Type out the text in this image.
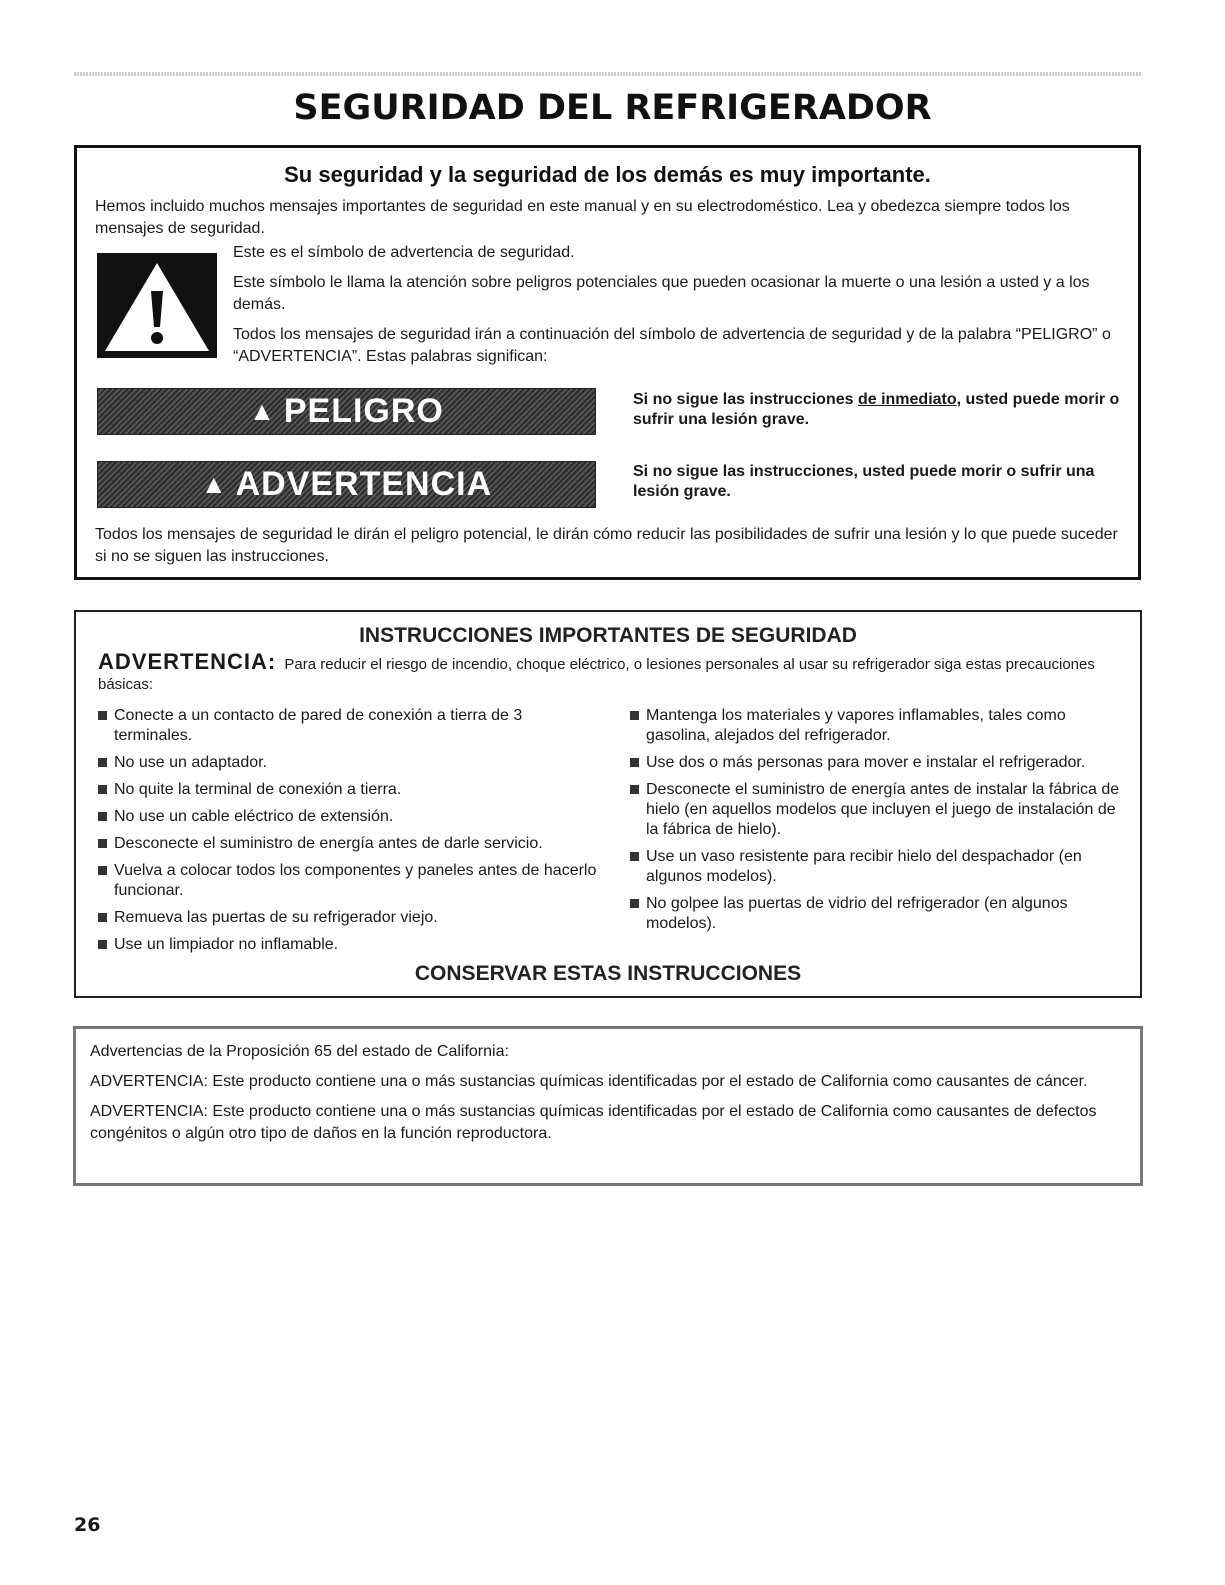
SEGURIDAD DEL REFRIGERADOR
Su seguridad y la seguridad de los demás es muy importante.
Hemos incluido muchos mensajes importantes de seguridad en este manual y en su electrodoméstico. Lea y obedezca siempre todos los mensajes de seguridad.

Este es el símbolo de advertencia de seguridad.

Este símbolo le llama la atención sobre peligros potenciales que pueden ocasionar la muerte o una lesión a usted y a los demás.

Todos los mensajes de seguridad irán a continuación del símbolo de advertencia de seguridad y de la palabra “PELIGRO” o “ADVERTENCIA”. Estas palabras significan:

▲ PELIGRO	Si no sigue las instrucciones de inmediato, usted puede morir o sufrir una lesión grave.
▲ ADVERTENCIA	Si no sigue las instrucciones, usted puede morir o sufrir una lesión grave.
Todos los mensajes de seguridad le dirán el peligro potencial, le dirán cómo reducir las posibilidades de sufrir una lesión y lo que puede suceder si no se siguen las instrucciones.
INSTRUCCIONES IMPORTANTES DE SEGURIDAD
ADVERTENCIA: Para reducir el riesgo de incendio, choque eléctrico, o lesiones personales al usar su refrigerador siga estas precauciones básicas:
Conecte a un contacto de pared de conexión a tierra de 3 terminales.
No use un adaptador.
No quite la terminal de conexión a tierra.
No use un cable eléctrico de extensión.
Desconecte el suministro de energía antes de darle servicio.
Vuelva a colocar todos los componentes y paneles antes de hacerlo funcionar.
Remueva las puertas de su refrigerador viejo.
Use un limpiador no inflamable.
Mantenga los materiales y vapores inflamables, tales como gasolina, alejados del refrigerador.
Use dos o más personas para mover e instalar el refrigerador.
Desconecte el suministro de energía antes de instalar la fábrica de hielo (en aquellos modelos que incluyen el juego de instalación de la fábrica de hielo).
Use un vaso resistente para recibir hielo del despachador (en algunos modelos).
No golpee las puertas de vidrio del refrigerador (en algunos modelos).
CONSERVAR ESTAS INSTRUCCIONES

Advertencias de la Proposición 65 del estado de California:

ADVERTENCIA: Este producto contiene una o más sustancias químicas identificadas por el estado de California como causantes de cáncer.

ADVERTENCIA: Este producto contiene una o más sustancias químicas identificadas por el estado de California como causantes de defectos congénitos o algún otro tipo de daños en la función reproductora.

26
